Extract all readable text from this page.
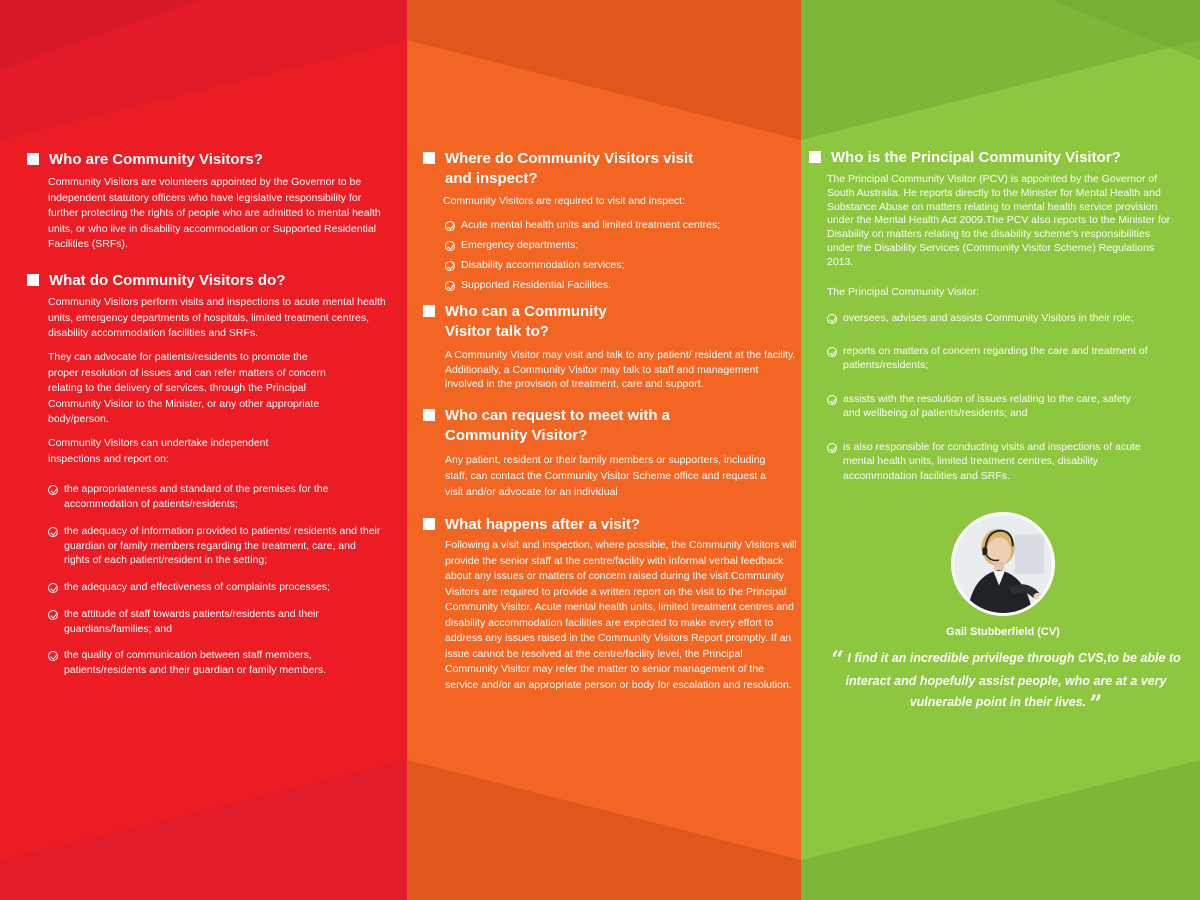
Who are Community Visitors?

Community Visitors are volunteers appointed by the Governor to be independent statutory officers who have legislative responsibility for further protecting the rights of people who are admitted to mental health units, or who live in disability accommodation or Supported Residential Facilities (SRFs).

What do Community Visitors do?

Community Visitors perform visits and inspections to acute mental health units, emergency departments of hospitals, limited treatment centres, disability accommodation facilities and SRFs.

They can advocate for patients/residents to promote the proper resolution of issues and can refer matters of concern relating to the delivery of services, through the Principal Community Visitor to the Minister, or any other appropriate body/person.

Community Visitors can undertake independent inspections and report on:

the appropriateness and standard of the premises for the accommodation of patients/residents;
the adequacy of information provided to patients/ residents and their guardian or family members regarding the treatment, care, and rights of each patient/resident in the setting;
the adequacy and effectiveness of complaints processes;
the attitude of staff towards patients/residents and their guardians/families; and
the quality of communication between staff members, patients/residents and their guardian or family members.
Where do Community Visitors visit and inspect?

Community Visitors are required to visit and inspect:

Acute mental health units and limited treatment centres;
Emergency departments;
Disability accommodation services;
Supported Residential Facilities.
Who can a Community Visitor talk to?

A Community Visitor may visit and talk to any patient/ resident at the facility. Additionally, a Community Visitor may talk to staff and management involved in the provision of treatment, care and support.

Who can request to meet with a Community Visitor?

Any patient, resident or their family members or supporters, including staff, can contact the Community Visitor Scheme office and request a visit and/or advocate for an individual

What happens after a visit?

Following a visit and inspection, where possible, the Community Visitors will provide the senior staff at the centre/facility with informal verbal feedback about any issues or matters of concern raised during the visit.Community Visitors are required to provide a written report on the visit to the Principal Community Visitor. Acute mental health units, limited treatment centres and disability accommodation facilities are expected to make every effort to address any issues raised in the Community Visitors Report promptly. If an issue cannot be resolved at the centre/facility level, the Principal Community Visitor may refer the matter to senior management of the service and/or an appropriate person or body for escalation and resolution.

Who is the Principal Community Visitor?

The Principal Community Visitor (PCV) is appointed by the Governor of South Australia. He reports directly to the Minister for Mental Health and Substance Abuse on matters relating to mental health service provision under the Mental Health Act 2009.The PCV also reports to the Minister for Disability on matters relating to the disability scheme's responsibilities under the Disability Services (Community Visitor Scheme) Regulations 2013.

The Principal Community Visitor:

oversees, advises and assists Community Visitors in their role;
reports on matters of concern regarding the care and treatment of patients/residents;
assists with the resolution of issues relating to the care, safety and wellbeing of patients/residents; and
is also responsible for conducting visits and inspections of acute mental health units, limited treatment centres, disability accommodation facilities and SRFs.

Gail Stubberfield (CV)

“ I find it an incredible privilege through CVS,to be able to interact and hopefully assist people, who are at a very vulnerable point in their lives. ”
